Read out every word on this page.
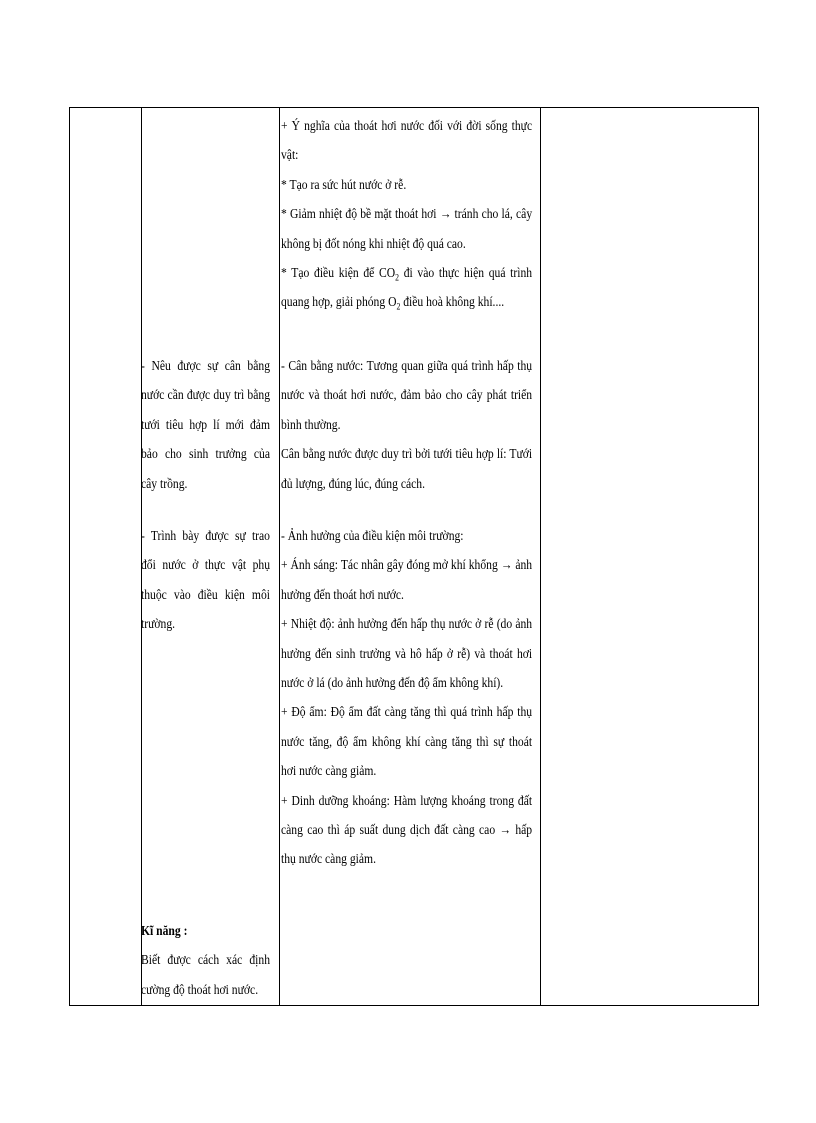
- Nêu được sự cân bằng nước cần được duy trì bằng tưới tiêu hợp lí mới đảm bảo cho sinh trưởng của cây trồng.

- Trình bày được sự trao đổi nước ở thực vật phụ thuộc vào điều kiện môi trường.

Kĩ năng :

Biết được cách xác định cường độ thoát hơi nước.

+ Ý nghĩa của thoát hơi nước đối với đời sống thực vật:

* Tạo ra sức hút nước ở rễ.

* Giảm nhiệt độ bề mặt thoát hơi → tránh cho lá, cây không bị đốt nóng khi nhiệt độ quá cao.

* Tạo điều kiện để $CO_2$ đi vào thực hiện quá trình quang hợp, giải phóng $O_2$ điều hoà không khí....

- Cân bằng nước: Tương quan giữa quá trình hấp thụ nước và thoát hơi nước, đảm bảo cho cây phát triển bình thường.

Cân bằng nước được duy trì bởi tưới tiêu hợp lí: Tưới đủ lượng, đúng lúc, đúng cách.

- Ảnh hưởng của điều kiện môi trường:

+ Ánh sáng: Tác nhân gây đóng mở khí khổng → ảnh hưởng đến thoát hơi nước.

+ Nhiệt độ: ảnh hưởng đến hấp thụ nước ở rễ (do ảnh hưởng đến sinh trưởng và hô hấp ở rễ) và thoát hơi nước ở lá (do ảnh hưởng đến độ ẩm không khí).

+ Độ ẩm: Độ ẩm đất càng tăng thì quá trình hấp thụ nước tăng, độ ẩm không khí càng tăng thì sự thoát hơi nước càng giảm.

+ Dinh dưỡng khoáng: Hàm lượng khoáng trong đất càng cao thì áp suất dung dịch đất càng cao → hấp thụ nước càng giảm.
